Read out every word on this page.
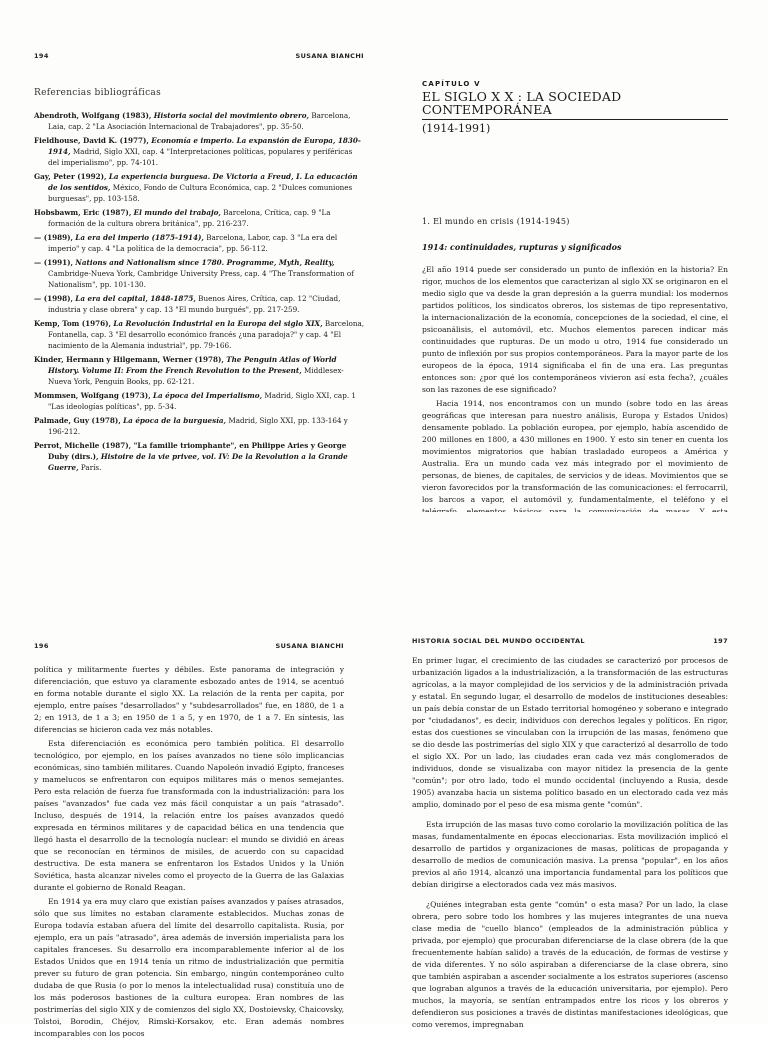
194	SUSANA BIANCHI
Referencias bibliográficas
Abendroth, Wolfgang (1983), Historia social del movimiento obrero, Barcelona, Laia, cap. 2 "La Asociación Internacional de Trabajadores", pp. 35-50.
Fieldhouse, David K. (1977), Economía e imperio. La expansión de Europa, 1830-1914, Madrid, Siglo XXI, cap. 4 "Interpretaciones políticas, populares y periféricas del imperialismo", pp. 74-101.
Gay, Peter (1992), La experiencia burguesa. De Victoria a Freud, I. La educación de los sentidos, México, Fondo de Cultura Económica, cap. 2 "Dulces comuniones burguesas", pp. 103-158.
Hobsbawm, Eric (1987), El mundo del trabajo, Barcelona, Crítica, cap. 9 "La formación de la cultura obrera británica", pp. 216-237.
— (1989), La era del imperio (1875-1914), Barcelona, Labor, cap. 3 "La era del imperio" y cap. 4 "La política de la democracia", pp. 56-112.
— (1991), Nations and Nationalism since 1780. Programme, Myth, Reality, Cambridge-Nueva York, Cambridge University Press, cap. 4 "The Transformation of Nationalism", pp. 101-130.
— (1998), La era del capital, 1848-1875, Buenos Aires, Crítica, cap. 12 "Ciudad, industria y clase obrera" y cap. 13 "El mundo burgués", pp. 217-259.
Kemp, Tom (1976), La Revolución Industrial en la Europa del siglo XIX, Barcelona, Fontanella, cap. 3 "El desarrollo económico francés ¿una paradoja?" y cap. 4 "El nacimiento de la Alemania industrial", pp. 79-166.
Kinder, Hermann y Hilgemann, Werner (1978), The Penguin Atlas of World History. Volume II: From the French Revolution to the Present, Middlesex-Nueva York, Penguin Books, pp. 62-121.
Mommsen, Wolfgang (1973), La época del Imperialismo, Madrid, Siglo XXI, cap. 1 "Las ideologías políticas", pp. 5-34.
Palmade, Guy (1978), La época de la burguesía, Madrid, Siglo XXI, pp. 133-164 y 196-212.
Perrot, Michelle (1987), "La famille triomphante", en Philippe Aries y George Duby (dirs.), Histoire de la vie privee, vol. IV: De la Revolution a la Grande Guerre, París.
CAPÍTULO V
EL SIGLO X X : LA SOCIEDAD CONTEMPORÁNEA
(1914-1991)
1. El mundo en crisis (1914-1945)
1914: continuidades, rupturas y significados

¿El año 1914 puede ser considerado un punto de inflexión en la historia? En rigor, muchos de los elementos que caracterizan al siglo XX se originaron en el medio siglo que va desde la gran depresión a la guerra mundial: los modernos partidos políticos, los sindicatos obreros, los sistemas de tipo representativo, la internacionalización de la economía, concepciones de la sociedad, el cine, el psicoanálisis, el automóvil, etc. Muchos elementos parecen indicar más continuidades que rupturas. De un modo u otro, 1914 fue considerado un punto de inflexión por sus propios contemporáneos. Para la mayor parte de los europeos de la época, 1914 significaba el fin de una era. Las preguntas entonces son: ¿por qué los contemporáneos vivieron así esta fecha?, ¿cuáles son las razones de ese significado?

Hacia 1914, nos encontramos con un mundo (sobre todo en las áreas geográficas que interesan para nuestro análisis, Europa y Estados Unidos) densamente poblado. La población europea, por ejemplo, había ascendido de 200 millones en 1800, a 430 millones en 1900. Y esto sin tener en cuenta los movimientos migratorios que habían trasladado europeos a América y Australia. Era un mundo cada vez más integrado por el movimiento de personas, de bienes, de capitales, de servicios y de ideas. Movimientos que se vieron favorecidos por la transformación de las comunicaciones: el ferrocarril, los barcos a vapor, el automóvil y, fundamentalmente, el teléfono y el

196	SUSANA BIANCHI

política y militarmente fuertes y débiles. Este panorama de integración y diferenciación, que estuvo ya claramente esbozado antes de 1914, se acentuó en forma notable durante el siglo XX. La relación de la renta per capita, por ejemplo, entre países "desarrollados" y "subdesarrollados" fue, en 1880, de 1 a 2; en 1913, de 1 a 3; en 1950 de 1 a 5, y en 1970, de 1 a 7. En síntesis, las diferencias se hicieron cada vez más notables.

Esta diferenciación es económica pero también política. El desarrollo tecnológico, por ejemplo, en los países avanzados no tiene sólo implicancias económicas, sino también militares. Cuando Napoleón invadió Egipto, franceses y mamelucos se enfrentaron con equipos militares más o menos semejantes. Pero esta relación de fuerza fue transformada con la industrialización: para los países "avanzados" fue cada vez más fácil conquistar a un país "atrasado". Incluso, después de 1914, la relación entre los países avanzados quedó expresada en términos militares y de capacidad bélica en una tendencia que llegó hasta el desarrollo de la tecnología nuclear: el mundo se dividió en áreas que se reconocían en términos de misiles, de acuerdo con su capacidad destructiva. De esta manera se enfrentaron los Estados Unidos y la Unión Soviética, hasta alcanzar niveles como el proyecto de la Guerra de las Galaxias durante el gobierno de Ronald Reagan.

En 1914 ya era muy claro que existían países avanzados y países atrasados, sólo que sus límites no estaban claramente establecidos. Muchas zonas de Europa todavía estaban afuera del límite del desarrollo capitalista. Rusia, por ejemplo, era un país "atrasado", área además de inversión imperialista para los capitales franceses. Su desarrollo era incomparablemente inferior al de los Estados Unidos que en 1914 tenía un ritmo de industrialización que permitía prever su futuro de gran potencia. Sin embargo, ningún contemporáneo culto dudaba de que Rusia (o por lo menos la intelectualidad rusa) constituía uno de los más poderosos bastiones de la cultura europea. Eran nombres de las postrimerías del siglo XIX y de comienzos del siglo XX, Dostoievsky, Chaicovsky, Tolstoi, Borodin, Chéjov, Rimski-Korsakov, etc. Eran además nombres incomparables con los pocos

HISTORIA SOCIAL DEL MUNDO OCCIDENTAL	197

En primer lugar, el crecimiento de las ciudades se caracterizó por procesos de urbanización ligados a la industrialización, a la transformación de las estructuras agrícolas, a la mayor complejidad de los servicios y de la administración privada y estatal. En segundo lugar, el desarrollo de modelos de instituciones deseables: un país debía constar de un Estado territorial homogéneo y soberano e integrado por "ciudadanos", es decir, individuos con derechos legales y políticos. En rigor, estas dos cuestiones se vinculaban con la irrupción de las masas, fenómeno que se dio desde las postrimerías del siglo XIX y que caracterizó al desarrollo de todo el siglo XX. Por un lado, las ciudades eran cada vez más conglomerados de individuos, donde se visualizaba con mayor nitidez la presencia de la gente "común"; por otro lado, todo el mundo occidental (incluyendo a Rusia, desde 1905) avanzaba hacia un sistema político basado en un electorado cada vez más amplio, dominado por el peso de esa misma gente "común".

Esta irrupción de las masas tuvo como corolario la movilización política de las masas, fundamentalmente en épocas eleccionarias. Esta movilización implicó el desarrollo de partidos y organizaciones de masas, políticas de propaganda y desarrollo de medios de comunicación masiva. La prensa "popular", en los años previos al año 1914, alcanzó una importancia fundamental para los políticos que debían dirigirse a electorados cada vez más masivos.

¿Quiénes integraban esta gente "común" o esta masa? Por un lado, la clase obrera, pero sobre todo los hombres y las mujeres integrantes de una nueva clase media de "cuello blanco" (empleados de la administración pública y privada, por ejemplo) que procuraban diferenciarse de la clase obrera (de la que frecuentemente habían salido) a través de la educación, de formas de vestirse y de vida diferentes. Y no sólo aspiraban a diferenciarse de la clase obrera, sino que también aspiraban a ascender socialmente a los estratos superiores (ascenso que lograban algunos a través de la educación universitaria, por ejemplo). Pero muchos, la mayoría, se sentían entrampados entre los ricos y los obreros y defendieron sus posiciones a través de distintas manifestaciones ideológicas, que como veremos, impregnaban
